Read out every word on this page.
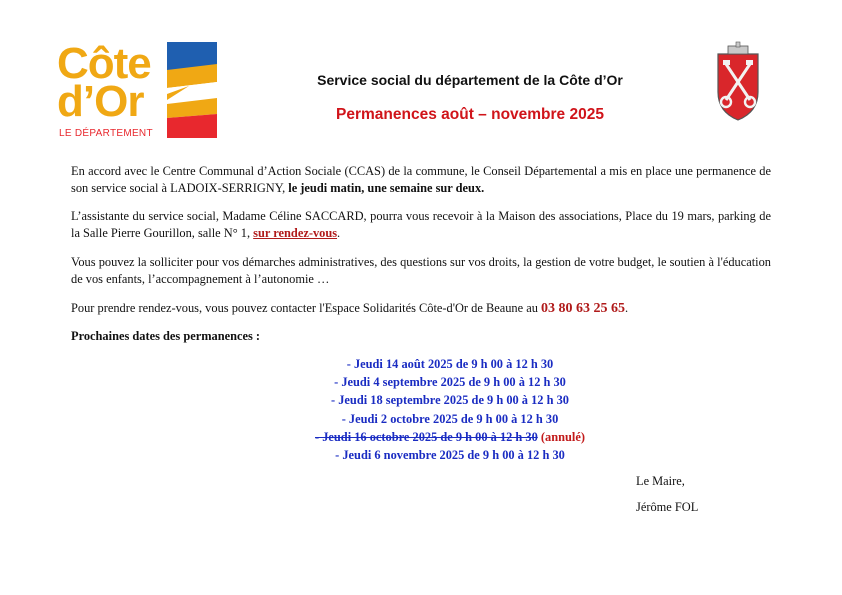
Côte
d’Or
LE DÉPARTEMENT
Service social du département de la Côte d’Or
Permanences août – novembre 2025
En accord avec le Centre Communal d’Action Sociale (CCAS) de la commune, le Conseil Départemental a mis en place une permanence de son service social à LADOIX-SERRIGNY, le jeudi matin, une semaine sur deux.
L’assistante du service social, Madame Céline SACCARD, pourra vous recevoir à la Maison des associations, Place du 19 mars, parking de la Salle Pierre Gourillon, salle N° 1, sur rendez-vous.
Vous pouvez la solliciter pour vos démarches administratives, des questions sur vos droits, la gestion de votre budget, le soutien à l'éducation de vos enfants, l’accompagnement à l’autonomie …
Pour prendre rendez-vous, vous pouvez contacter l'Espace Solidarités Côte-d'Or de Beaune au 03 80 63 25 65.
Prochaines dates des permanences :
- Jeudi 14 août 2025 de 9 h 00 à 12 h 30
- Jeudi 4 septembre 2025 de 9 h 00 à 12 h 30
- Jeudi 18 septembre 2025 de 9 h 00 à 12 h 30
- Jeudi 2 octobre 2025 de 9 h 00 à 12 h 30
- Jeudi 16 octobre 2025 de 9 h 00 à 12 h 30 (annulé)
- Jeudi 6 novembre 2025 de 9 h 00 à 12 h 30
Le Maire,
Jérôme FOL
